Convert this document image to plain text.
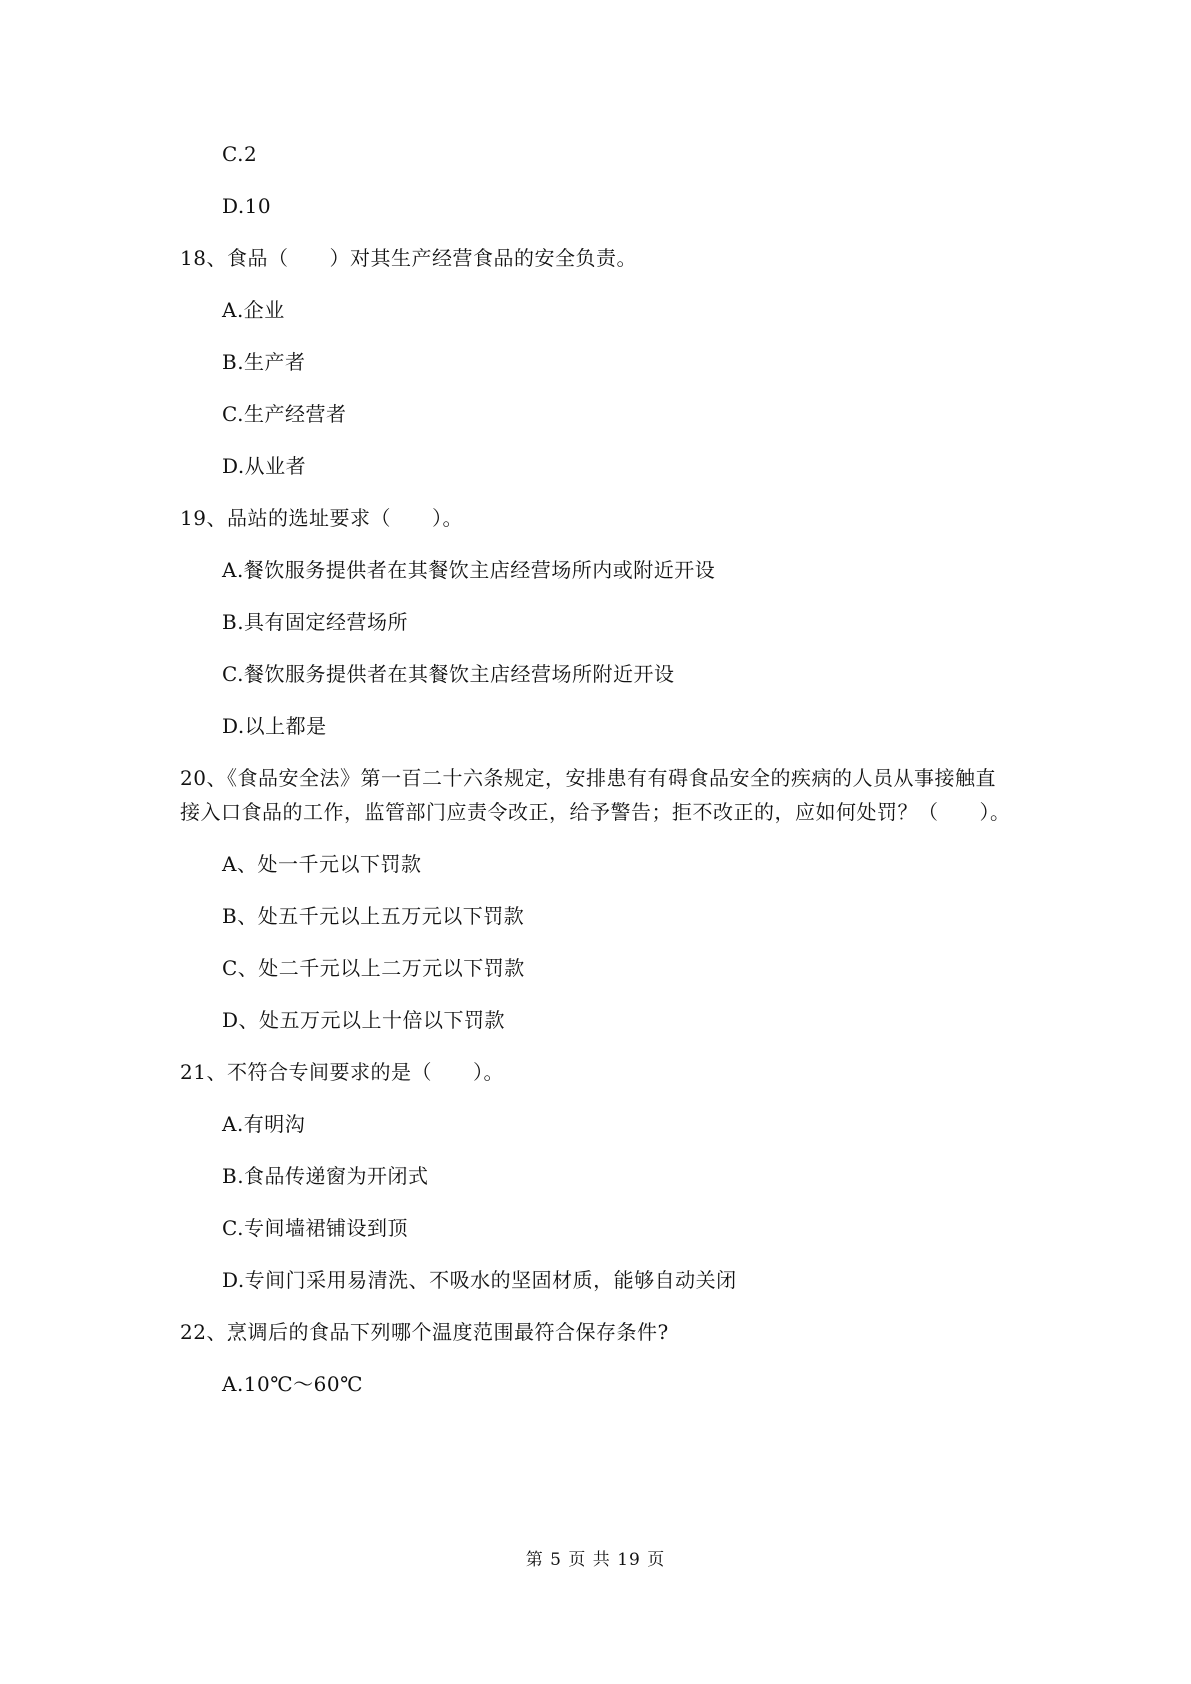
C.2
D.10
18、食品（　　）对其生产经营食品的安全负责。
A.企业
B.生产者
C.生产经营者
D.从业者
19、品站的选址要求（　　）。
A.餐饮服务提供者在其餐饮主店经营场所内或附近开设
B.具有固定经营场所
C.餐饮服务提供者在其餐饮主店经营场所附近开设
D.以上都是
20、《食品安全法》第一百二十六条规定，安排患有有碍食品安全的疾病的人员从事接触直
接入口食品的工作，监管部门应责令改正，给予警告；拒不改正的，应如何处罚？（　　）。
A、处一千元以下罚款
B、处五千元以上五万元以下罚款
C、处二千元以上二万元以下罚款
D、处五万元以上十倍以下罚款
21、不符合专间要求的是（　　）。
A.有明沟
B.食品传递窗为开闭式
C.专间墙裙铺设到顶
D.专间门采用易清洗、不吸水的坚固材质，能够自动关闭
22、烹调后的食品下列哪个温度范围最符合保存条件?
A.10℃～60℃
第 5 页 共 19 页
